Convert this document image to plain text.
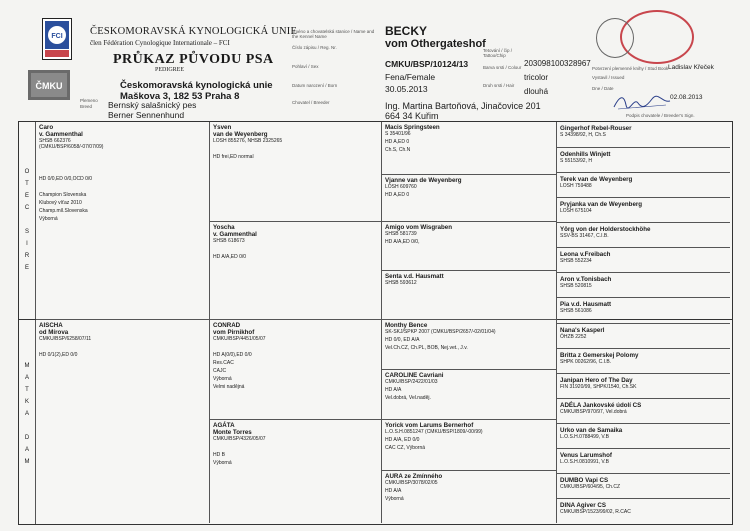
FCI
ČMKU
ČESKOMORAVSKÁ KYNOLOGICKÁ UNIE
člen Fédération Cynologique Internationale – FCI
PRŮKAZ PŮVODU PSA
PEDIGREE
Českomoravská kynologická unie
Maškova 3, 182 53 Praha 8
Plemeno
Breed Bernský salašnický pes
Berner Sennenhund
Jméno a chovatelská stanice / Name and the Kennel Name
Číslo zápisu / Reg. Nr.
Pohlaví / Sex
Datum narození / Born
Chovatel / Breeder
BECKY
vom Othergateshof
CMKU/BSP/10124/13
Fena/Female
30.05.2013
Ing. Martina Bartoňová, Jinačovice 201
664 34 Kuřim
Tetování / čip / Tattoo/Chip
Barva srsti / Colour
Druh srsti / Hair
203098100328967
tricolor
dlouhá
Potvrzení plemenné knihy / Stud Book
Vystavil / Issued
Dne / Date
Ladislav Křeček
02.08.2013
Podpis chovatele / Breeder's Sign.
O
T
E
C

S
I
R
E
M
A
T
K
A

D
A
M
Caro
v. Gammenthal
SHSB 662376
(CMKU/BSP/6058/-07/07/09)

HD 0/0,ED 0/0,OCD 0/0

Champion Slovenska
Klubový víťaz 2010
Champ.míl.Slovenska
Výborná
AISCHA
od Mírova
CMKU/BSP/6258/07/11

HD 0/1(2),ED 0/0
Ysven
van de Weyenberg
LOSH 855276, NHSB 2325265

HD frei,ED normal
Yoscha
v. Gammenthal
SHSB 618673

HD A/A,ED 0/0
CONRAD
vom Pirnikhof
CMKU/BSP/4451/05/07

HD A(0/0),ED 0/0
Res.CAC
CAJC
Výborná
Velmi nadějná
AGÁTA
Monte Torres
CMKU/BSP/4326/05/07

HD B
Výborná
Macis Springsteen
S 35401/96
HD A,ED 0
Ch.S, Ch.N
Vjanne van de Weyenberg
LOSH 609760
HD A,ED 0
Amigo vom Wisgraben
SHSB 581739
HD A/A,ED 0/0,
Senta v.d. Hausmatt
SHSB 593612
Monthy Bence
SK-SKJ/SPKP 2007 (CMKU/BSP/2657/-02/01/04)
HD 0/0, ED A/A
Vel.Ch.CZ, Ch.PL, BOB, Nej.vet., J.v.
CAROLINE Cavriani
CMKU/BSP/2422/01/03
HD A/A
Vel.dobrá, Vel.naděj.
Yorick vom Larums Bernerhof
L.O.S.H.0851247 (CMKU/BSP/1809/-00/99)
HD A/A, ED 0/0
CAC CZ, Výborná
AURA ze Zmínného
CMKU/BSP/3078/02/05
HD A/A
Výborná
Gingerhof Rebel-Rouser
S 34398/92, H, Ch.S
Odenhills Winjett
S 55153/92, H
Terek van de Weyenberg
LOSH 759488
Pryjanka van de Weyenberg
LOSH 675104
Yörg von der Holderstockhöhe
SSV-BS 31467, C.I.B.
Leona v.Freibach
SHSB 552234
Aron v.Tonisbach
SHSB 520815
Pia v.d. Hausmatt
SHSB 561086
Nana's Kasperl
ÖHZB 2252
Britta z Gemerskej Polomy
SHPK 00262/96, C.I.B.
Janipan Hero of The Day
FIN 31920/99, SHPK/1540, Ch.SK
ADÉLA Jankovské údolí CS
CMKU/BSP/970/97, Vel.dobrá
Urko van de Samaika
L.O.S.H.0788499, V.B
Venus Larumshof
L.O.S.H.0810991, V.B
DUMBO Vapi CS
CMKU/BSP/604/95, Ch.CZ
DINA Agiver CS
CMKU/BSP/1523/99/02, R.CAC
